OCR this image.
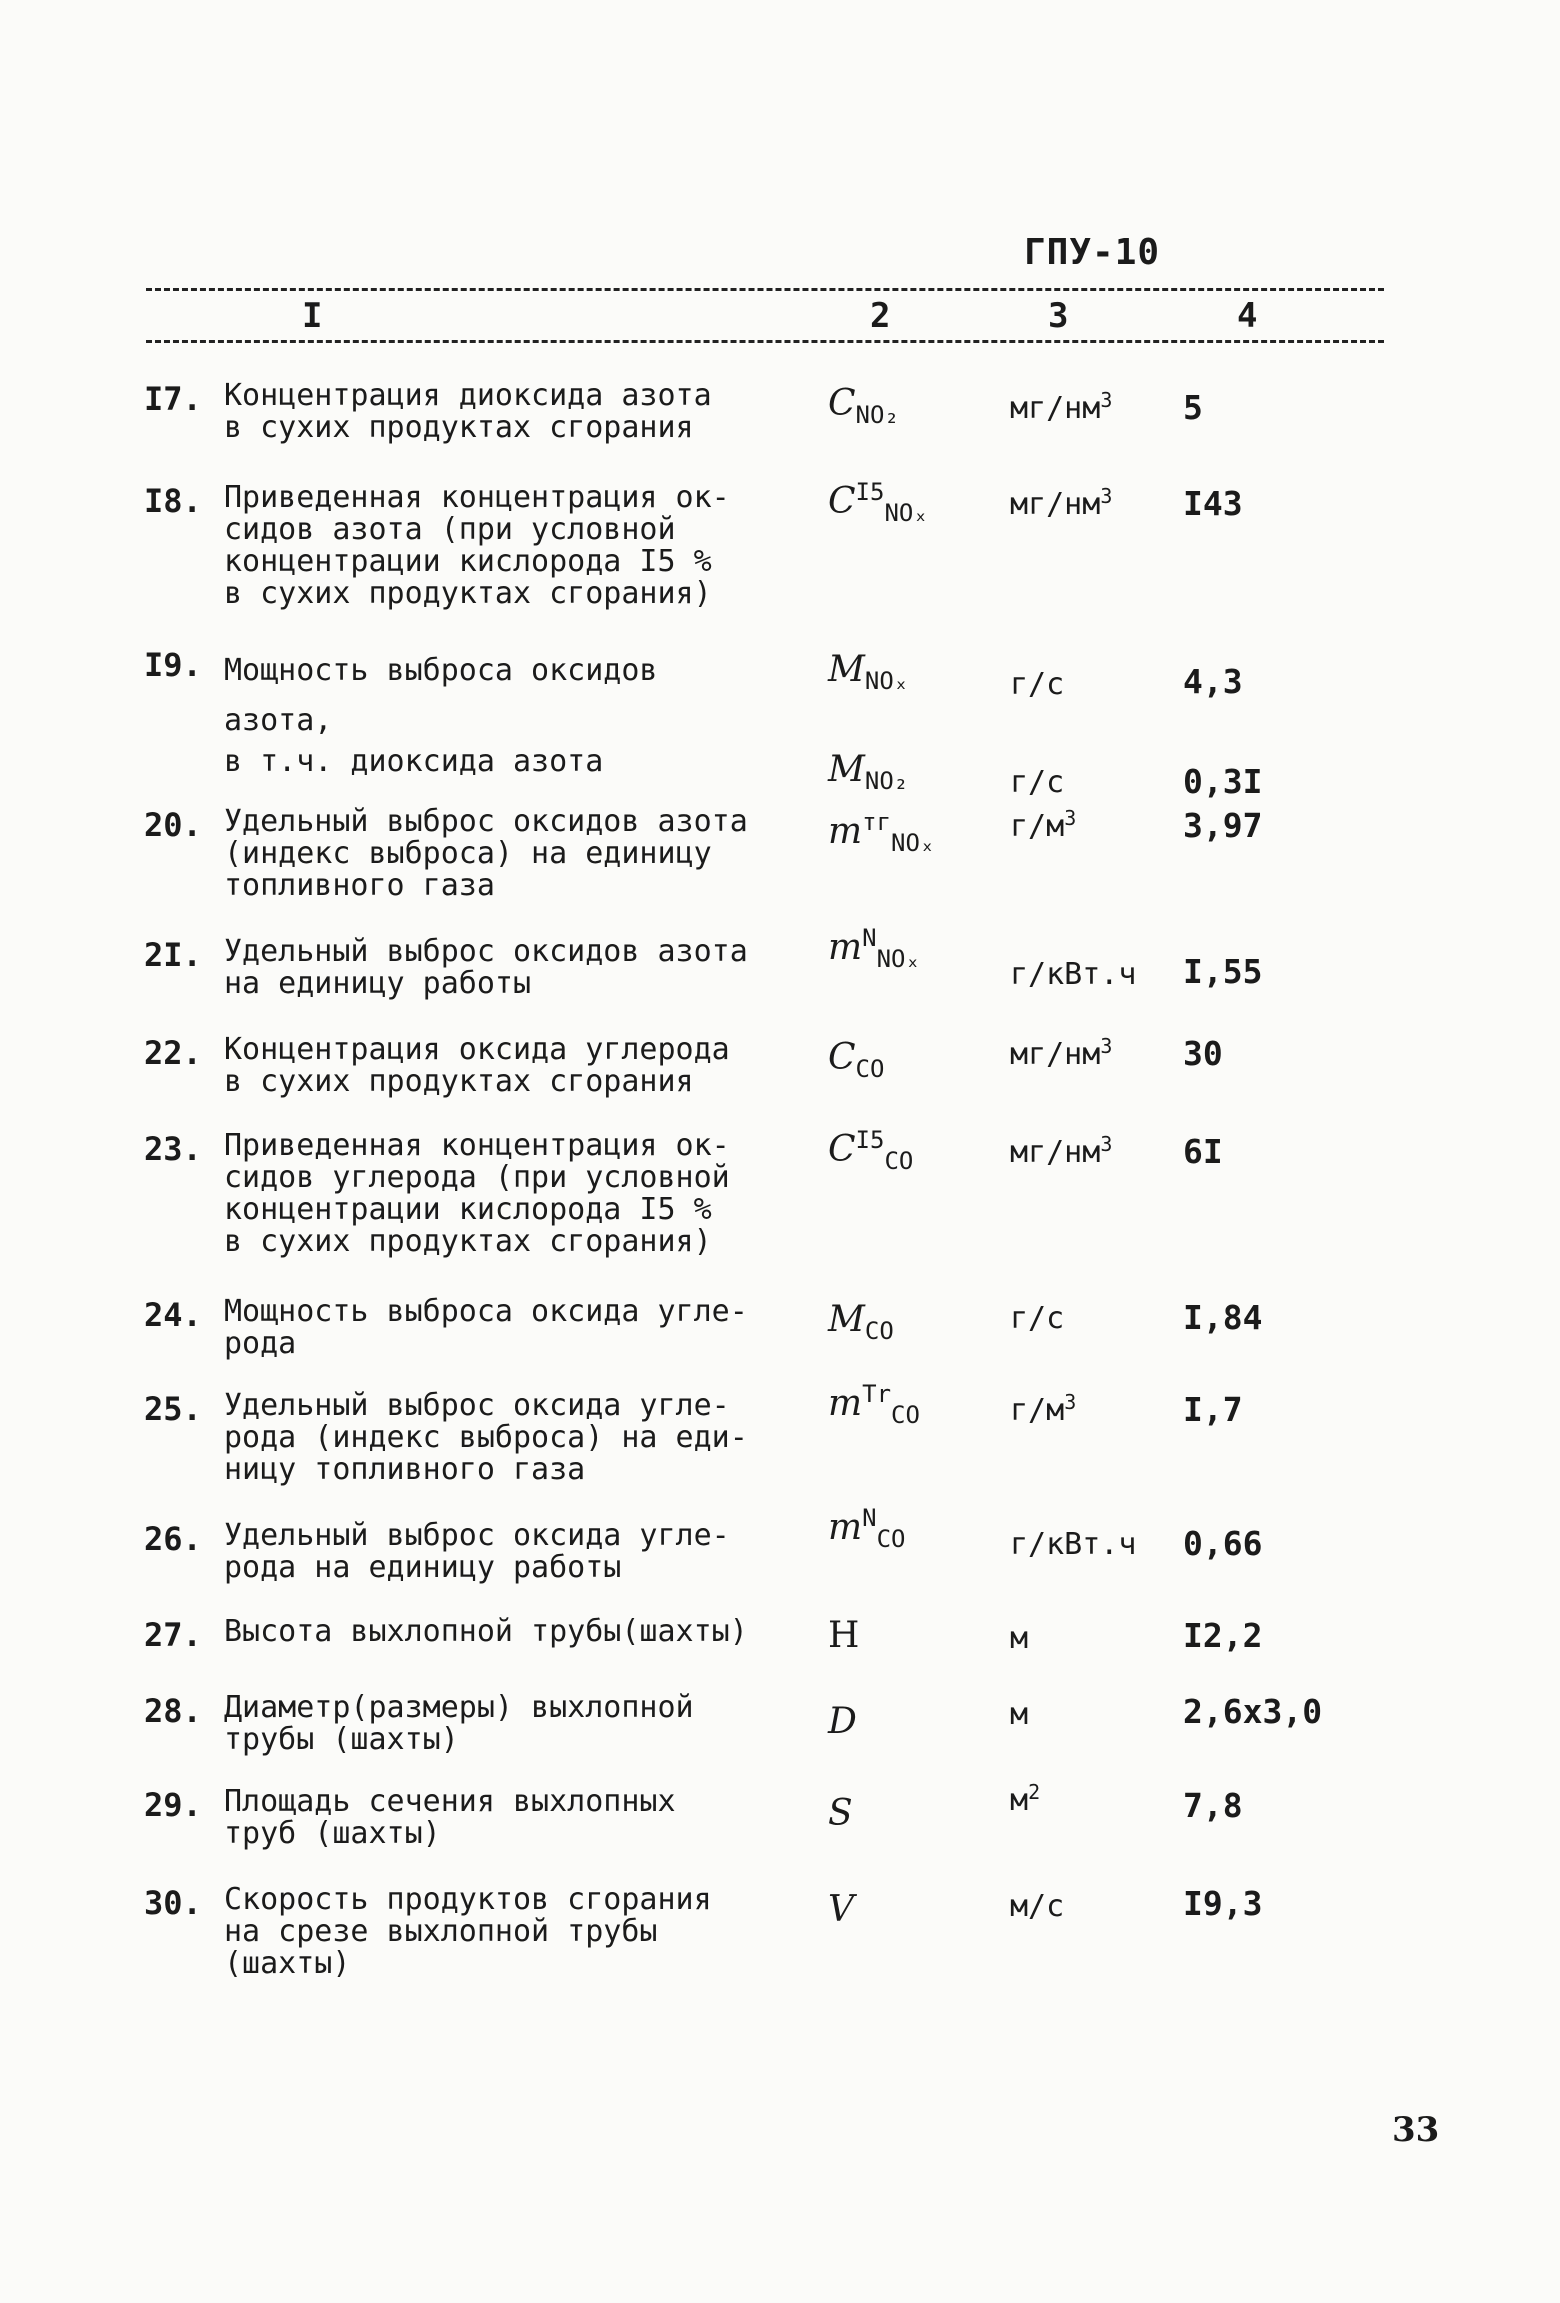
ГПУ-10
I	2	3	4
I7. Концентрация диоксида азота
в сухих продуктах сгорания
$C_{NO_2}$	$мг/нм^3$	5
I8. Приведенная концентрация ок-
сидов азота (при условной
концентрации кислорода I5 %
в сухих продуктах сгорания)
$C^{I5}_{NO_x}$	$мг/нм^3$	I43
I9. Мощность выброса оксидов
азота,
$M_{NO_x}$	г/с	4,3
в т.ч. диоксида азота	$M_{NO_2}$	г/с	0,3I
20. Удельный выброс оксидов азота
(индекс выброса) на единицу
топливного газа
$m^{тг}_{NO_x}$	$г/м^3$	3,97
2I. Удельный выброс оксидов азота
на единицу работы
$m^N_{NO_x}$	г/кВт.ч	I,55
22. Концентрация оксида углерода
в сухих продуктах сгорания
$C_{CO}$	$мг/нм^3$	30
23. Приведенная концентрация ок-
сидов углерода (при условной
концентрации кислорода I5 %
в сухих продуктах сгорания)
$C^{I5}_{CO}$	$мг/нм^3$	6I
24. Мощность выброса оксида угле-
рода
$M_{CO}$	г/с	I,84
25. Удельный выброс оксида угле-
рода (индекс выброса) на еди-
ницу топливного газа
$m^{Tr}_{CO}$	$г/м^3$	I,7
26. Удельный выброс оксида угле-
рода на единицу работы
$m^N_{CO}$	г/кВт.ч	0,66
27. Высота выхлопной трубы(шахты)	H	м	I2,2
28. Диаметр(размеры) выхлопной
трубы (шахты)	D	м	2,6x3,0
29. Площадь сечения выхлопных
труб (шахты)	S	$м^2$	7,8
30. Скорость продуктов сгорания
на срезе выхлопной трубы
(шахты)
V	м/с	I9,3
33
